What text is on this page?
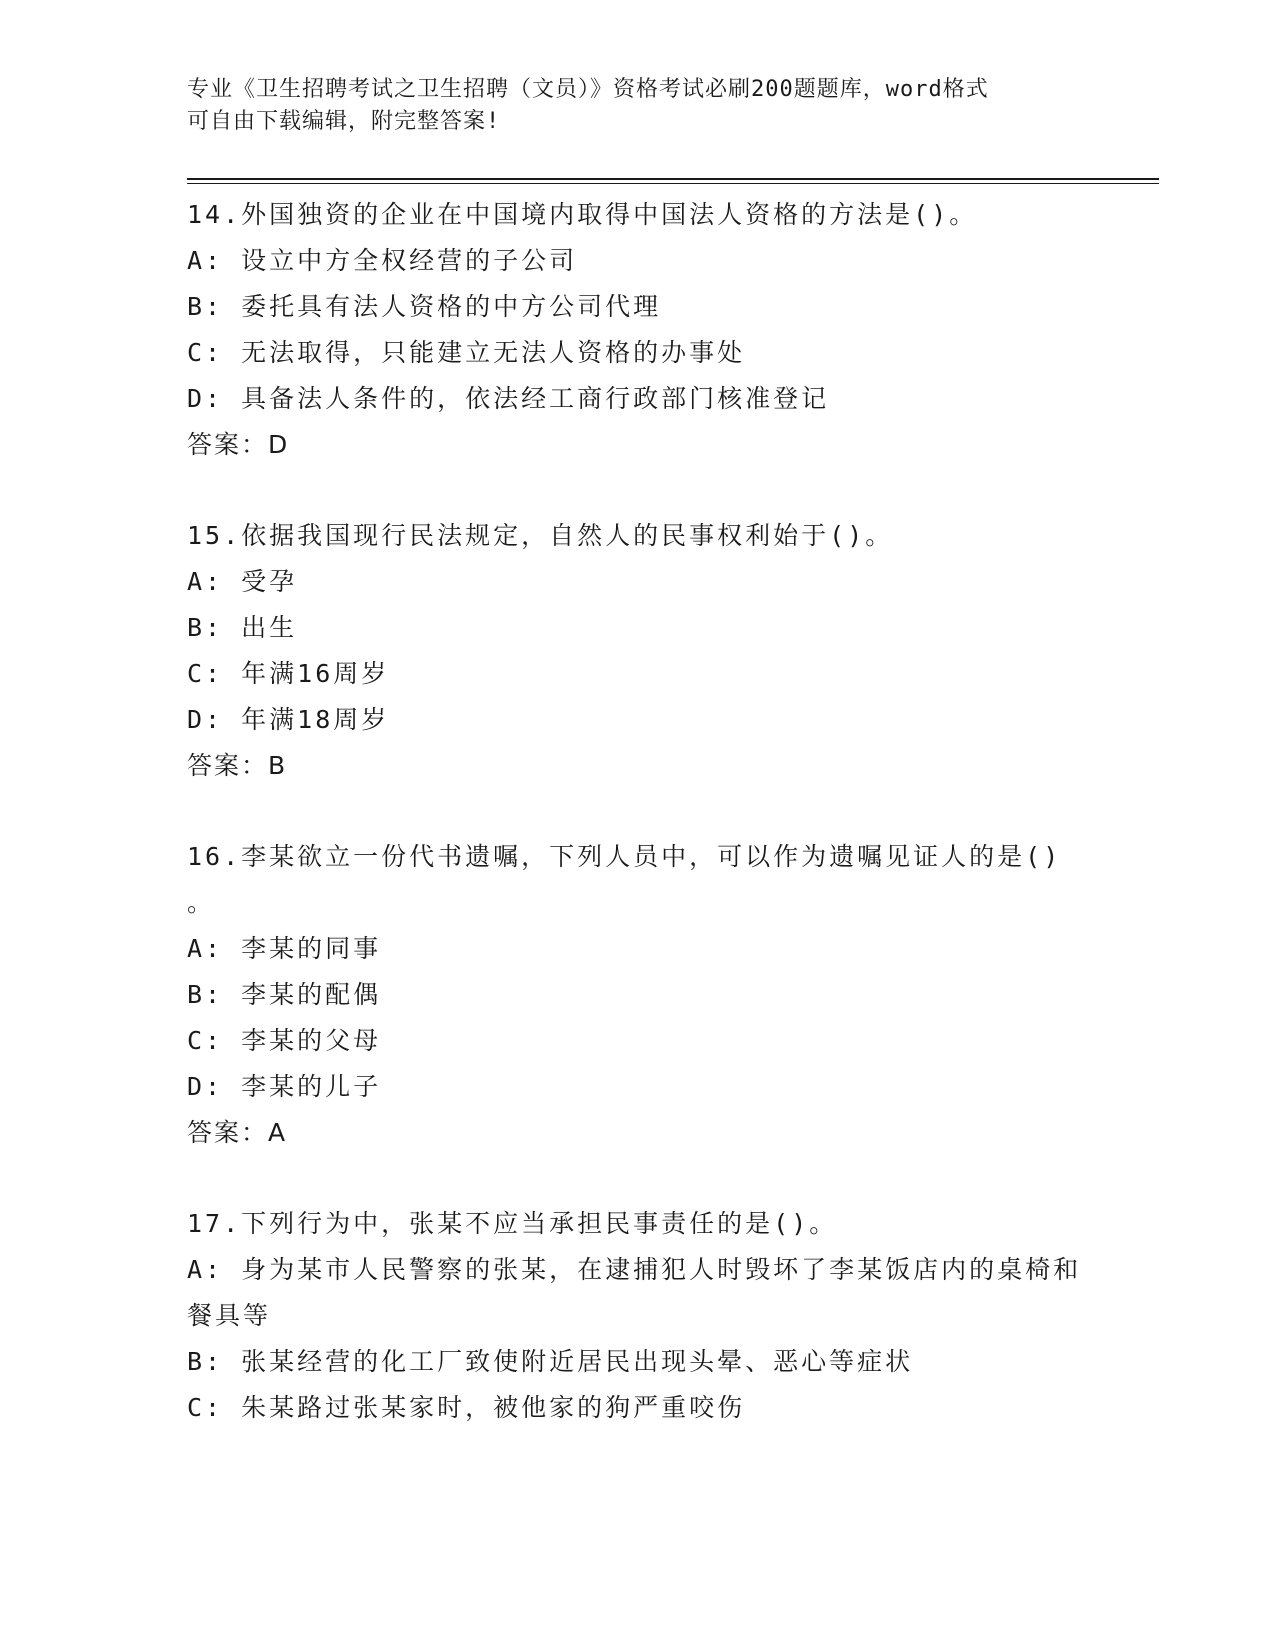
专业《卫生招聘考试之卫生招聘（文员）》资格考试必刷200题题库，word格式
可自由下载编辑，附完整答案!
14.外国独资的企业在中国境内取得中国法人资格的方法是()。
A: 设立中方全权经营的子公司
B: 委托具有法人资格的中方公司代理
C: 无法取得，只能建立无法人资格的办事处
D: 具备法人条件的，依法经工商行政部门核准登记
答案：D
15.依据我国现行民法规定，自然人的民事权利始于()。
A: 受孕
B: 出生
C: 年满16周岁
D: 年满18周岁
答案：B
16.李某欲立一份代书遗嘱，下列人员中，可以作为遗嘱见证人的是()
。
A: 李某的同事
B: 李某的配偶
C: 李某的父母
D: 李某的儿子
答案：A
17.下列行为中，张某不应当承担民事责任的是()。
A: 身为某市人民警察的张某，在逮捕犯人时毁坏了李某饭店内的桌椅和餐具等
B: 张某经营的化工厂致使附近居民出现头晕、恶心等症状
C: 朱某路过张某家时，被他家的狗严重咬伤
